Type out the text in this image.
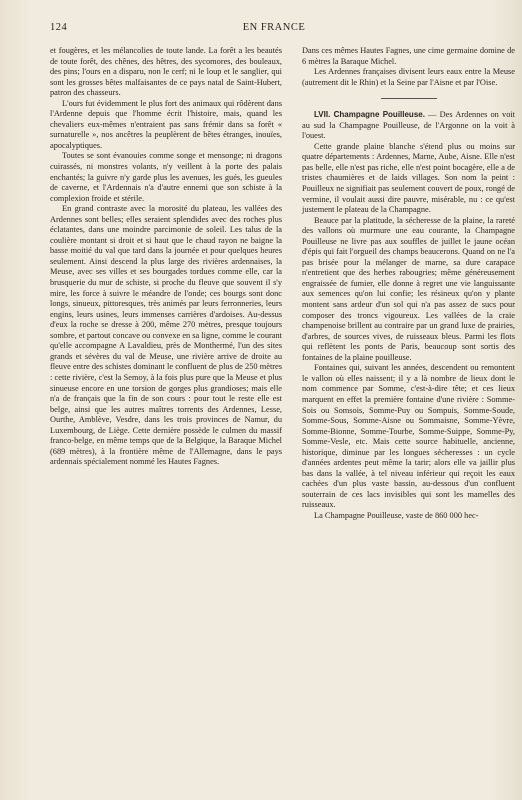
124	EN FRANCE

et fougères, et les mélancolies de toute lande. La forêt a les beautés de toute forêt, des chênes, des hêtres, des sycomores, des bouleaux, des pins; l'ours en a disparu, non le cerf; ni le loup et le sanglier, qui sont les grosses bêtes malfaisantes de ce pays natal de Saint-Hubert, patron des chasseurs.

L'ours fut évidemment le plus fort des animaux qui rôdèrent dans l'Ardenne depuis que l'homme écrit l'histoire, mais, quand les chevaliers eux-mêmes n'entraient pas sans frémir dans sa forêt « surnaturelle », nos ancêtres la peuplèrent de bêtes étranges, inouïes, apocalyptiques.

Toutes se sont évanouies comme songe et mensonge; ni dragons cuirassés, ni monstres volants, n'y veillent à la porte des palais enchantés; la guivre n'y garde plus les avenues, les gués, les gueules de caverne, et l'Ardennais n'a d'autre ennemi que son schiste à la complexion froide et stérile.

En grand contraste avec la morosité du plateau, les vallées des Ardennes sont belles; elles seraient splendides avec des roches plus éclatantes, dans une moindre parcimonie de soleil. Les talus de la coulière montant si droit et si haut que le chaud rayon ne baigne la basse moitié du val que tard dans la journée et pour quelques heures seulement. Ainsi descend la plus large des rivières ardennaises, la Meuse, avec ses villes et ses bourgades tordues comme elle, car la brusquerie du mur de schiste, si proche du fleuve que souvent il s'y mire, les force à suivre le méandre de l'onde; ces bourgs sont donc longs, sinueux, pittoresques, très animés par leurs ferronneries, leurs engins, leurs usines, leurs immenses carrières d'ardoises. Au-dessus d'eux la roche se dresse à 200, même 270 mètres, presque toujours sombre, et partout concave ou convexe en sa ligne, comme le courant qu'elle accompagne A Lavaldieu, près de Monthermé, l'un des sites grands et sévères du val de Meuse, une rivière arrive de droite au fleuve entre des schistes dominant le confluent de plus de 250 mètres : cette rivière, c'est la Semoy, à la fois plus pure que la Meuse et plus sinueuse encore en une torsion de gorges plus grandioses; mais elle n'a de français que la fin de son cours : pour tout le reste elle est belge, ainsi que les autres maîtres torrents des Ardennes, Lesse, Ourthe, Amblève, Vesdre, dans les trois provinces de Namur, du Luxembourg, de Liège. Cette dernière possède le culmen du massif franco-belge, en même temps que de la Belgique, la Baraque Michel (689 mètres), à la frontière même de l'Allemagne, dans le pays ardennais spécialement nommé les Hautes Fagnes.

Dans ces mêmes Hautes Fagnes, une cime germaine domine de 6 mètres la Baraque Michel.

Les Ardennes françaises divisent leurs eaux entre la Meuse (autrement dit le Rhin) et la Seine par l'Aisne et par l'Oise.

LVII. Champagne Pouilleuse. — Des Ardennes on voit au sud la Champagne Pouilleuse, de l'Argonne on la voit à l'ouest.

Cette grande plaine blanche s'étend plus ou moins sur quatre départements : Ardennes, Marne, Aube, Aisne. Elle n'est pas belle, elle n'est pas riche, elle n'est point bocagère, elle a de tristes chaumières et de laids villages. Son nom la peint : Pouilleux ne signifiait pas seulement couvert de poux, rongé de vermine, il voulait aussi dire pauvre, misérable, nu : ce qu'est justement le plateau de la Champagne.

Beauce par la platitude, la sécheresse de la plaine, la rareté des vallons où murmure une eau courante, la Champagne Pouilleuse ne livre pas aux souffles de juillet le jaune océan d'épis qui fait l'orgueil des champs beaucerons. Quand on ne l'a pas brisée pour la mélanger de marne, sa dure carapace n'entretient que des herbes rabougries; même généreusement engraissée de fumier, elle donne à regret une vie languissante aux semences qu'on lui confie; les résineux qu'on y plante montent sans ardeur d'un sol qui n'a pas assez de sucs pour composer des troncs vigoureux. Les vallées de la craie champenoise brillent au contraire par un grand luxe de prairies, d'arbres, de sources vives, de ruisseaux bleus. Parmi les flots qui reflètent les ponts de Paris, beaucoup sont sortis des fontaines de la plaine pouilleuse.

Fontaines qui, suivant les années, descendent ou remontent le vallon où elles naissent; il y a là nombre de lieux dont le nom commence par Somme, c'est-à-dire tête; et ces lieux marquent en effet la première fontaine d'une rivière : Somme-Sois ou Somsois, Somme-Puy ou Sompuis, Somme-Soude, Somme-Sous, Somme-Aisne ou Sommaisne, Somme-Yèvre, Somme-Bionne, Somme-Tourbe, Somme-Suippe, Somme-Py, Somme-Vesle, etc. Mais cette source habituelle, ancienne, historique, diminue par les longues sécheresses : un cycle d'années ardentes peut même la tarir; alors elle va jaillir plus bas dans la vallée, à tel niveau inférieur qui reçoit les eaux cachées d'un plus vaste bassin, au-dessous d'un confluent souterrain de ces lacs invisibles qui sont les mamelles des ruisseaux.

La Champagne Pouilleuse, vaste de 860 000 hec-
